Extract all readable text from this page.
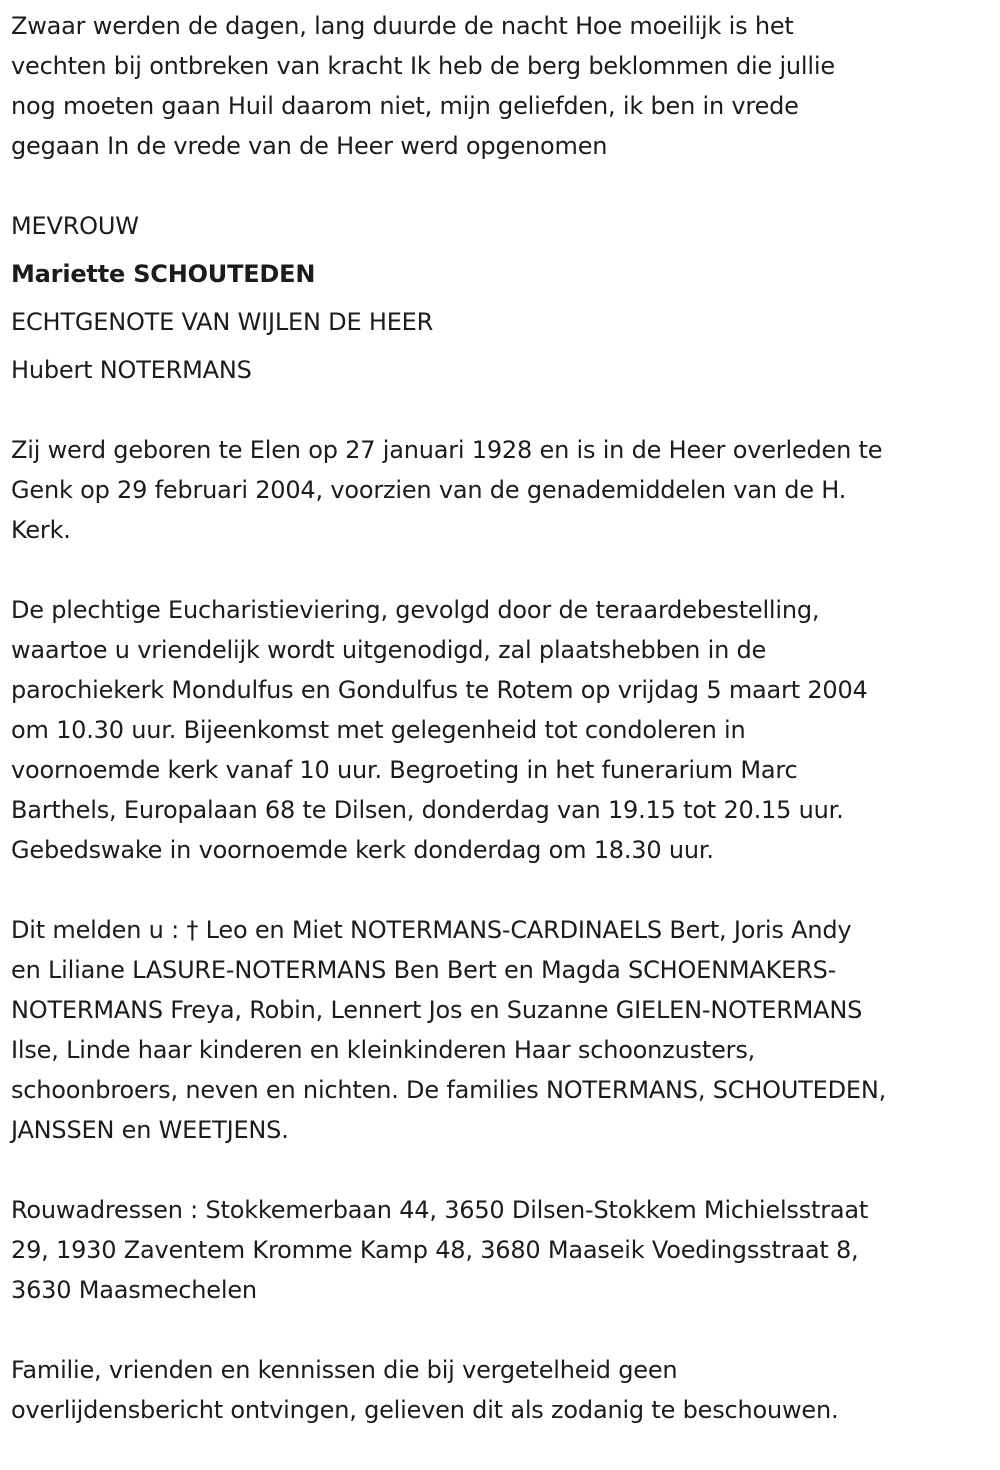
Zwaar werden de dagen, lang duurde de nacht Hoe moeilijk is het
vechten bij ontbreken van kracht Ik heb de berg beklommen die jullie
nog moeten gaan Huil daarom niet, mijn geliefden, ik ben in vrede
gegaan In de vrede van de Heer werd opgenomen
MEVROUW
Mariette SCHOUTEDEN
ECHTGENOTE VAN WIJLEN DE HEER
Hubert NOTERMANS
Zij werd geboren te Elen op 27 januari 1928 en is in de Heer overleden te
Genk op 29 februari 2004, voorzien van de genademiddelen van de H.
Kerk.
De plechtige Eucharistieviering, gevolgd door de teraardebestelling,
waartoe u vriendelijk wordt uitgenodigd, zal plaatshebben in de
parochiekerk Mondulfus en Gondulfus te Rotem op vrijdag 5 maart 2004
om 10.30 uur. Bijeenkomst met gelegenheid tot condoleren in
voornoemde kerk vanaf 10 uur. Begroeting in het funerarium Marc
Barthels, Europalaan 68 te Dilsen, donderdag van 19.15 tot 20.15 uur.
Gebedswake in voornoemde kerk donderdag om 18.30 uur.
Dit melden u : † Leo en Miet NOTERMANS-CARDINAELS Bert, Joris Andy
en Liliane LASURE-NOTERMANS Ben Bert en Magda SCHOENMAKERS-
NOTERMANS Freya, Robin, Lennert Jos en Suzanne GIELEN-NOTERMANS
Ilse, Linde haar kinderen en kleinkinderen Haar schoonzusters,
schoonbroers, neven en nichten. De families NOTERMANS, SCHOUTEDEN,
JANSSEN en WEETJENS.
Rouwadressen : Stokkemerbaan 44, 3650 Dilsen-Stokkem Michielsstraat
29, 1930 Zaventem Kromme Kamp 48, 3680 Maaseik Voedingsstraat 8,
3630 Maasmechelen
Familie, vrienden en kennissen die bij vergetelheid geen
overlijdensbericht ontvingen, gelieven dit als zodanig te beschouwen.
